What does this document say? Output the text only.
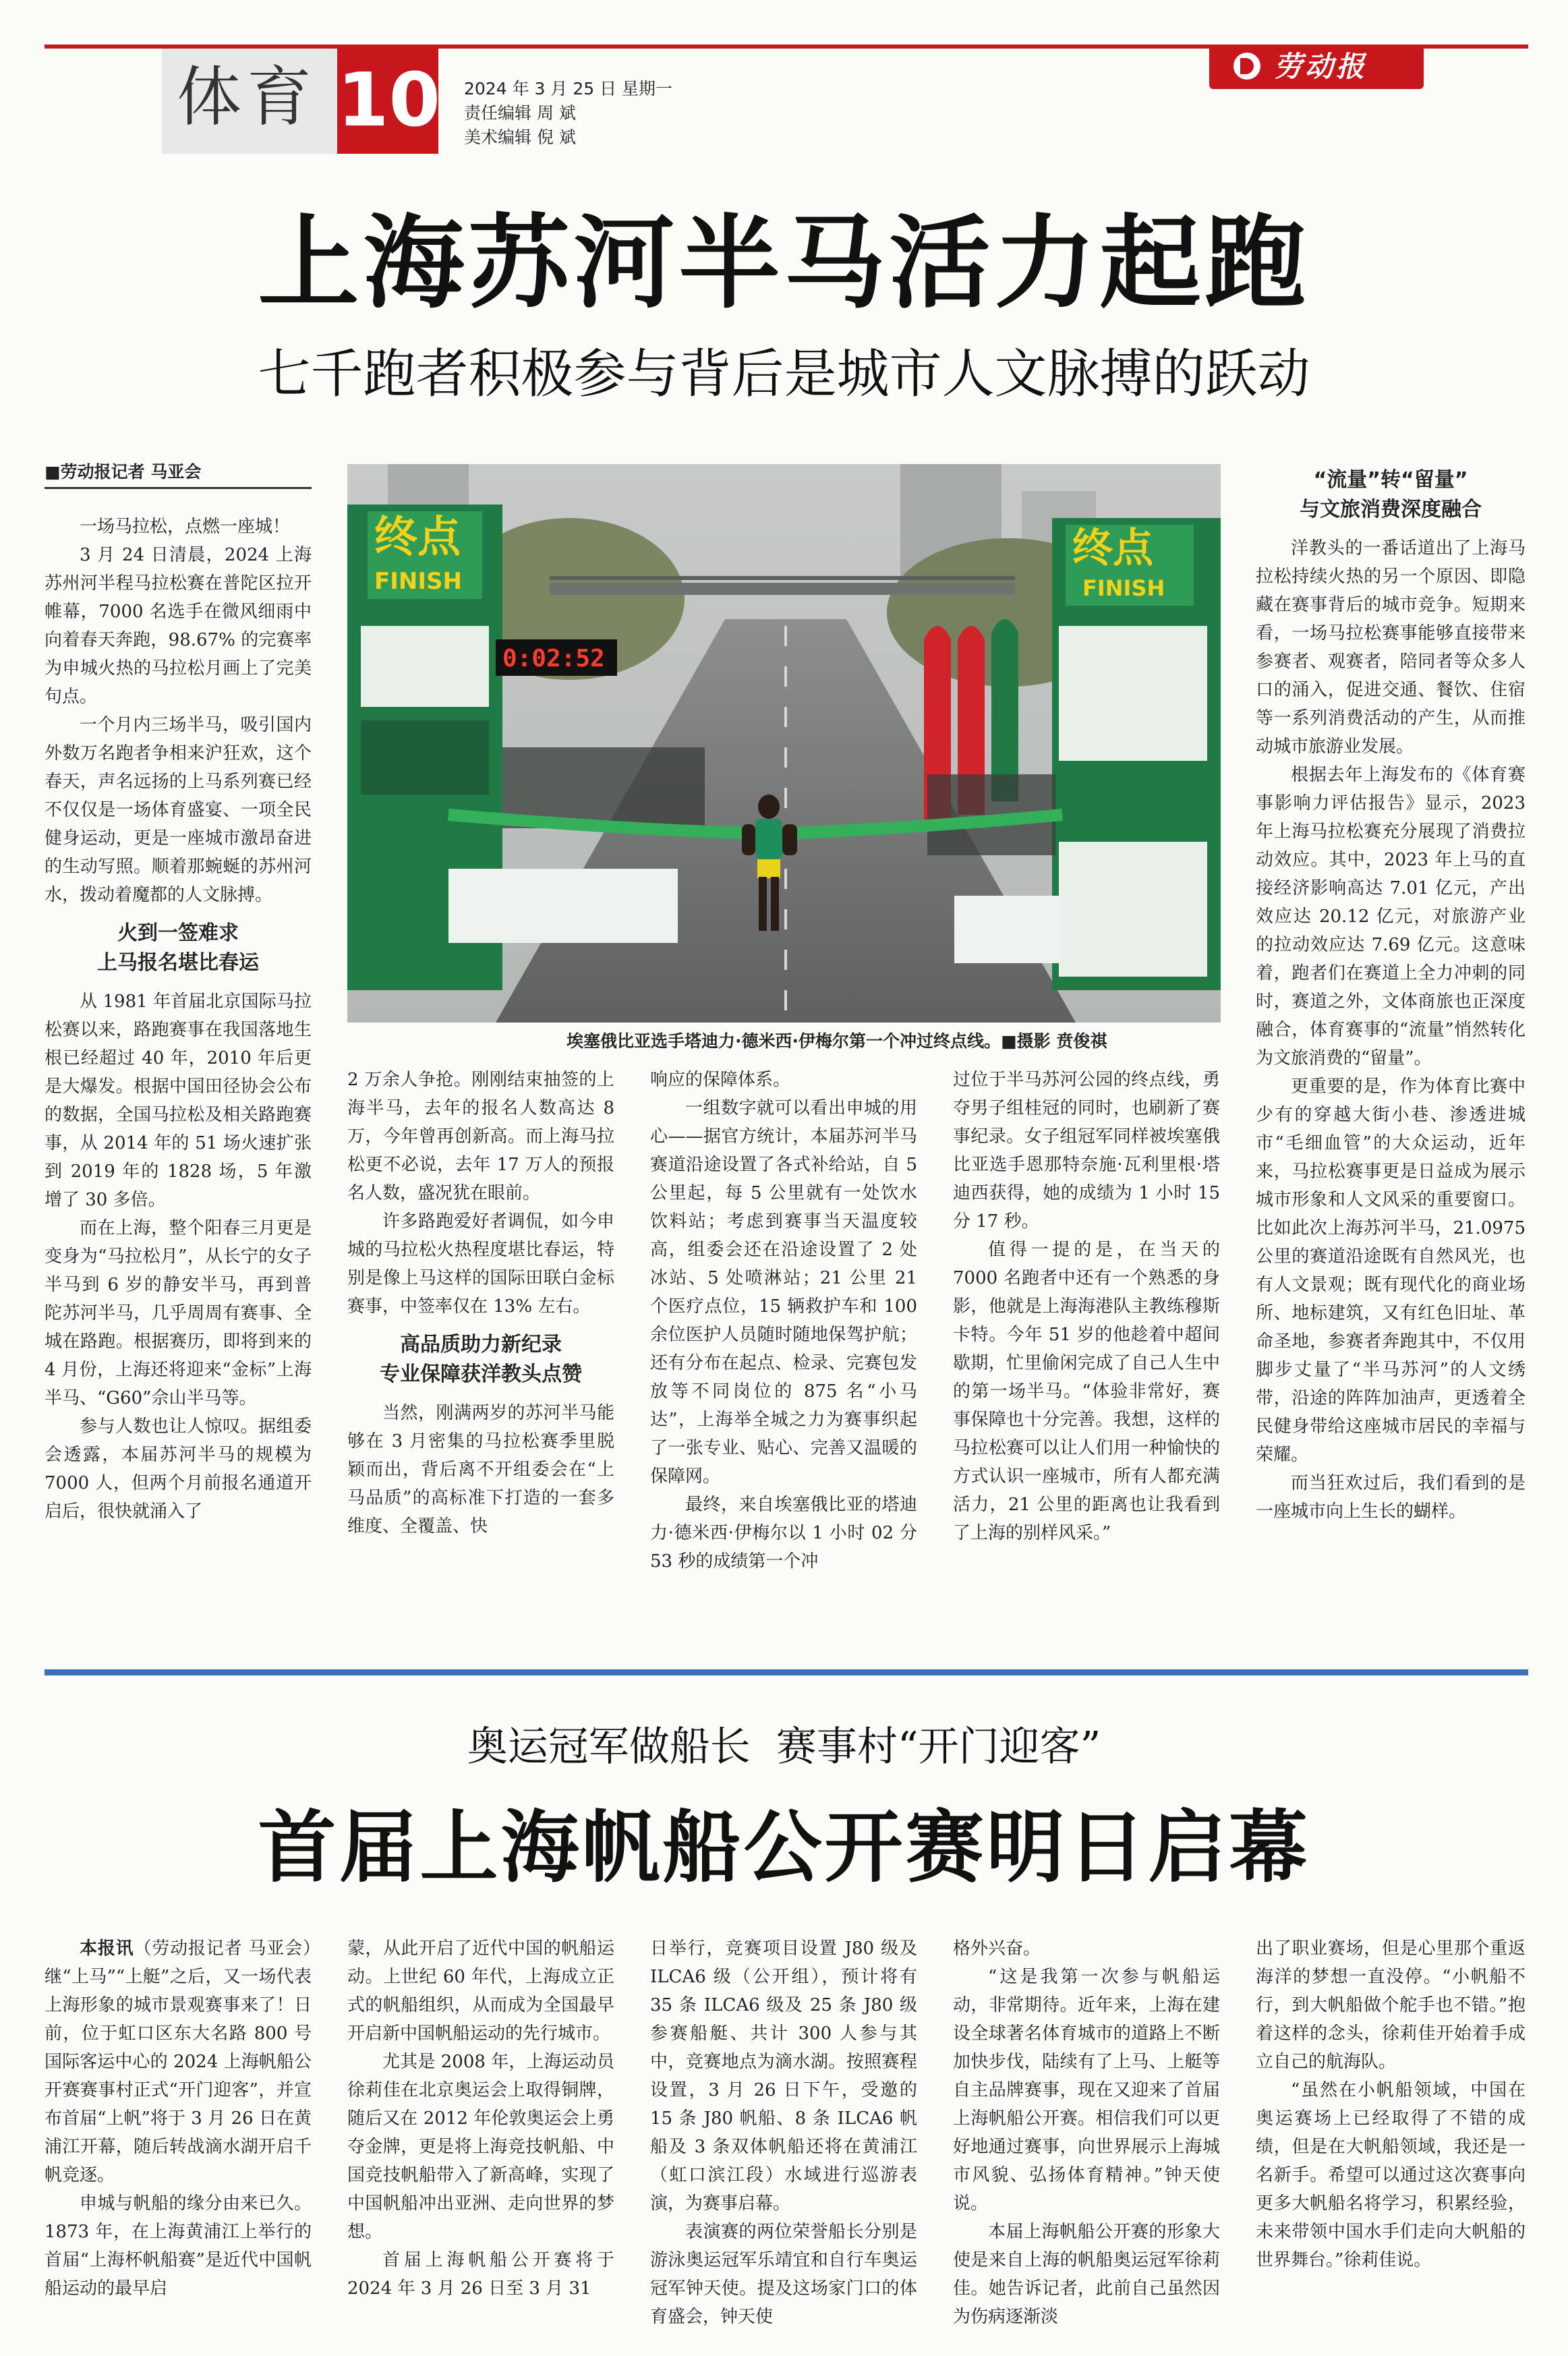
体育 10 2024 年 3 月 25 日 星期一
责任编辑 周 斌
美术编辑 倪 斌
劳动报
上海苏河半马活力起跑
七千跑者积极参与背后是城市人文脉搏的跃动
■劳动报记者 马亚会
终点
FINISH
终点
FINISH
0:02:52
埃塞俄比亚选手塔迪力·德米西·伊梅尔第一个冲过终点线。■摄影 贲俊祺

一场马拉松，点燃一座城！

3 月 24 日清晨，2024 上海苏州河半程马拉松赛在普陀区拉开帷幕，7000 名选手在微风细雨中向着春天奔跑，98.67% 的完赛率为申城火热的马拉松月画上了完美句点。

一个月内三场半马，吸引国内外数万名跑者争相来沪狂欢，这个春天，声名远扬的上马系列赛已经不仅仅是一场体育盛宴、一项全民健身运动，更是一座城市激昂奋进的生动写照。顺着那蜿蜒的苏州河水，拨动着魔都的人文脉搏。

火到一签难求
上马报名堪比春运

从 1981 年首届北京国际马拉松赛以来，路跑赛事在我国落地生根已经超过 40 年，2010 年后更是大爆发。根据中国田径协会公布的数据，全国马拉松及相关路跑赛事，从 2014 年的 51 场火速扩张到 2019 年的 1828 场，5 年激增了 30 多倍。

而在上海，整个阳春三月更是变身为“马拉松月”，从长宁的女子半马到 6 岁的静安半马，再到普陀苏河半马，几乎周周有赛事、全城在路跑。根据赛历，即将到来的 4 月份，上海还将迎来“金标”上海半马、“G60”佘山半马等。

参与人数也让人惊叹。据组委会透露，本届苏河半马的规模为 7000 人，但两个月前报名通道开启后，很快就涌入了

2 万余人争抢。刚刚结束抽签的上海半马，去年的报名人数高达 8 万，今年曾再创新高。而上海马拉松更不必说，去年 17 万人的预报名人数，盛况犹在眼前。

许多路跑爱好者调侃，如今申城的马拉松火热程度堪比春运，特别是像上马这样的国际田联白金标赛事，中签率仅在 13% 左右。

高品质助力新纪录
专业保障获洋教头点赞

当然，刚满两岁的苏河半马能够在 3 月密集的马拉松赛季里脱颖而出，背后离不开组委会在“上马品质”的高标准下打造的一套多维度、全覆盖、快

响应的保障体系。

一组数字就可以看出申城的用心——据官方统计，本届苏河半马赛道沿途设置了各式补给站，自 5 公里起，每 5 公里就有一处饮水饮料站；考虑到赛事当天温度较高，组委会还在沿途设置了 2 处冰站、5 处喷淋站；21 公里 21 个医疗点位，15 辆救护车和 100 余位医护人员随时随地保驾护航；还有分布在起点、检录、完赛包发放等不同岗位的 875 名“小马达”，上海举全城之力为赛事织起了一张专业、贴心、完善又温暖的保障网。

最终，来自埃塞俄比亚的塔迪力·德米西·伊梅尔以 1 小时 02 分 53 秒的成绩第一个冲

过位于半马苏河公园的终点线，勇夺男子组桂冠的同时，也刷新了赛事纪录。女子组冠军同样被埃塞俄比亚选手恩那特奈施·瓦利里根·塔迪西获得，她的成绩为 1 小时 15 分 17 秒。

值得一提的是，在当天的 7000 名跑者中还有一个熟悉的身影，他就是上海海港队主教练穆斯卡特。今年 51 岁的他趁着中超间歇期，忙里偷闲完成了自己人生中的第一场半马。“体验非常好，赛事保障也十分完善。我想，这样的马拉松赛可以让人们用一种愉快的方式认识一座城市，所有人都充满活力，21 公里的距离也让我看到了上海的别样风采。”

“流量”转“留量”
与文旅消费深度融合

洋教头的一番话道出了上海马拉松持续火热的另一个原因、即隐藏在赛事背后的城市竞争。短期来看，一场马拉松赛事能够直接带来参赛者、观赛者，陪同者等众多人口的涌入，促进交通、餐饮、住宿等一系列消费活动的产生，从而推动城市旅游业发展。

根据去年上海发布的《体育赛事影响力评估报告》显示，2023 年上海马拉松赛充分展现了消费拉动效应。其中，2023 年上马的直接经济影响高达 7.01 亿元，产出效应达 20.12 亿元，对旅游产业的拉动效应达 7.69 亿元。这意味着，跑者们在赛道上全力冲刺的同时，赛道之外，文体商旅也正深度融合，体育赛事的“流量”悄然转化为文旅消费的“留量”。

更重要的是，作为体育比赛中少有的穿越大街小巷、渗透进城市“毛细血管”的大众运动，近年来，马拉松赛事更是日益成为展示城市形象和人文风采的重要窗口。比如此次上海苏河半马，21.0975 公里的赛道沿途既有自然风光，也有人文景观；既有现代化的商业场所、地标建筑，又有红色旧址、革命圣地，参赛者奔跑其中，不仅用脚步丈量了“半马苏河”的人文绣带，沿途的阵阵加油声，更透着全民健身带给这座城市居民的幸福与荣耀。

而当狂欢过后，我们看到的是一座城市向上生长的蝴样。

奥运冠军做船长  赛事村“开门迎客”
首届上海帆船公开赛明日启幕

本报讯（劳动报记者 马亚会）继“上马”“上艇”之后，又一场代表上海形象的城市景观赛事来了！日前，位于虹口区东大名路 800 号国际客运中心的 2024 上海帆船公开赛赛事村正式“开门迎客”，并宣布首届“上帆”将于 3 月 26 日在黄浦江开幕，随后转战滴水湖开启千帆竞逐。

申城与帆船的缘分由来已久。1873 年，在上海黄浦江上举行的首届“上海杯帆船赛”是近代中国帆船运动的最早启

蒙，从此开启了近代中国的帆船运动。上世纪 60 年代，上海成立正式的帆船组织，从而成为全国最早开启新中国帆船运动的先行城市。

尤其是 2008 年，上海运动员徐莉佳在北京奥运会上取得铜牌，随后又在 2012 年伦敦奥运会上勇夺金牌，更是将上海竞技帆船、中国竞技帆船带入了新高峰，实现了中国帆船冲出亚洲、走向世界的梦想。

首届上海帆船公开赛将于 2024 年 3 月 26 日至 3 月 31

日举行，竞赛项目设置 J80 级及 ILCA6 级（公开组），预计将有 35 条 ILCA6 级及 25 条 J80 级参赛船艇、共计 300 人参与其中，竞赛地点为滴水湖。按照赛程设置，3 月 26 日下午，受邀的 15 条 J80 帆船、8 条 ILCA6 帆船及 3 条双体帆船还将在黄浦江（虹口滨江段）水域进行巡游表演，为赛事启幕。

表演赛的两位荣誉船长分别是游泳奥运冠军乐靖宜和自行车奥运冠军钟天使。提及这场家门口的体育盛会，钟天使

格外兴奋。

“这是我第一次参与帆船运动，非常期待。近年来，上海在建设全球著名体育城市的道路上不断加快步伐，陆续有了上马、上艇等自主品牌赛事，现在又迎来了首届上海帆船公开赛。相信我们可以更好地通过赛事，向世界展示上海城市风貌、弘扬体育精神。”钟天使说。

本届上海帆船公开赛的形象大使是来自上海的帆船奥运冠军徐莉佳。她告诉记者，此前自己虽然因为伤病逐渐淡

出了职业赛场，但是心里那个重返海洋的梦想一直没停。“小帆船不行，到大帆船做个舵手也不错。”抱着这样的念头，徐莉佳开始着手成立自己的航海队。

“虽然在小帆船领域，中国在奥运赛场上已经取得了不错的成绩，但是在大帆船领域，我还是一名新手。希望可以通过这次赛事向更多大帆船名将学习，积累经验，未来带领中国水手们走向大帆船的世界舞台。”徐莉佳说。
